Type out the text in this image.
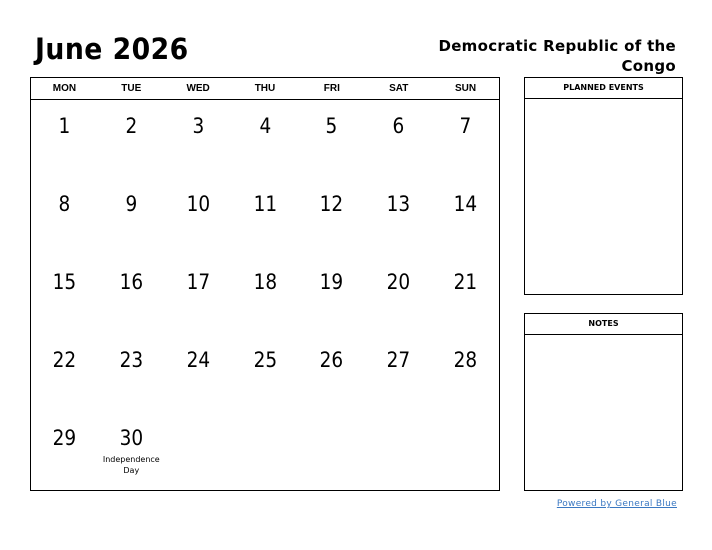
June 2026	Democratic Republic of the Congo
MON	TUE	WED	THU	FRI	SAT	SUN
1	2	3	4	5	6	7
8	9	10	11	12	13	14
15	16	17	18	19	20	21
22	23	24	25	26	27	28
29	30
Independence Day
PLANNED EVENTS
NOTES
Powered by General Blue
